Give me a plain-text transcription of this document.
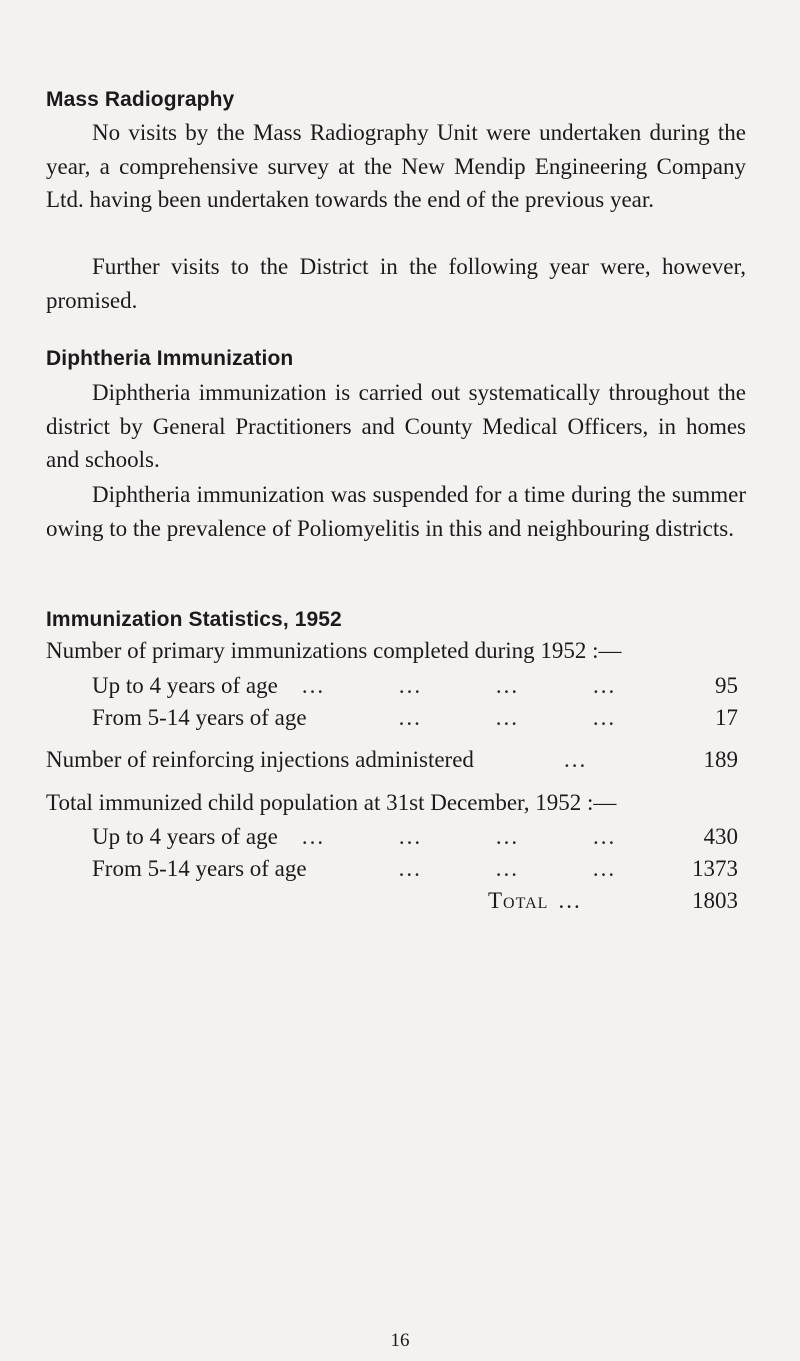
Mass Radiography

No visits by the Mass Radiography Unit were undertaken during the year, a comprehensive survey at the New Mendip Engineering Company Ltd. having been undertaken towards the end of the previous year.

Further visits to the District in the following year were, however, promised.

Diphtheria Immunization

Diphtheria immunization is carried out systematically throughout the district by General Practitioners and County Medical Officers, in homes and schools.

Diphtheria immunization was suspended for a time during the summer owing to the prevalence of Poliomyelitis in this and neighbouring districts.

Immunization Statistics, 1952
Number of primary immunizations completed during 1952 :—
Up to 4 years of age	...	...	...	...	95
From 5-14 years of age	...	...	...	17
Number of reinforcing injections administered	...	189
Total immunized child population at 31st December, 1952 :—
Up to 4 years of age	...	...	...	...	430
From 5-14 years of age	...	...	...	1373
Total ...	1803
16
